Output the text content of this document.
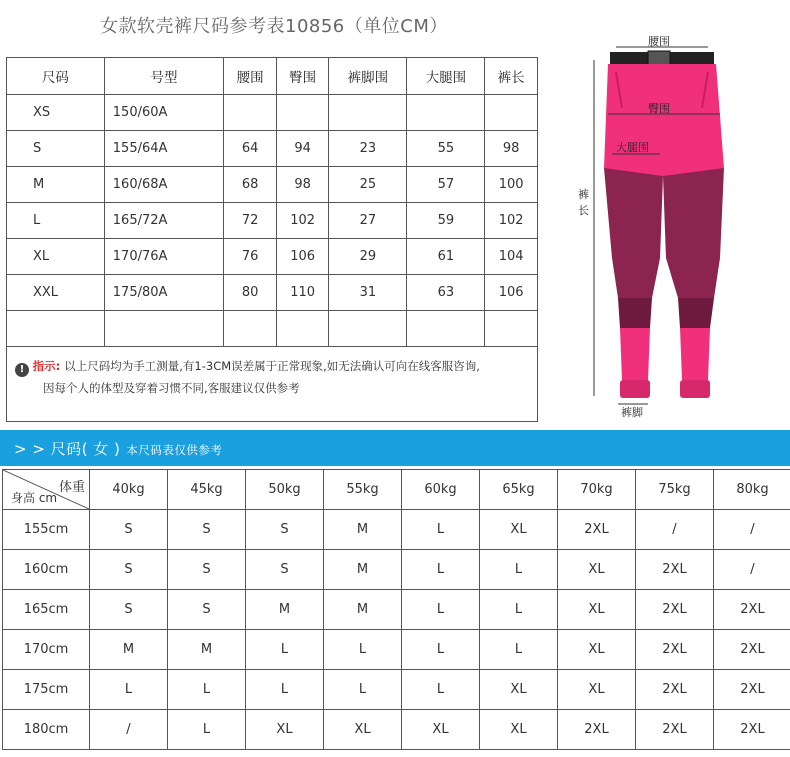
女款软壳裤尺码参考表10856（单位CM）
尺码	号型	腰围	臀围	裤脚围	大腿围	裤长
XS	150/60A					
S	155/64A	64	94	23	55	98
M	160/68A	68	98	25	57	100
L	165/72A	72	102	27	59	102
XL	170/76A	76	106	29	61	104
XXL	175/80A	80	110	31	63	106

! 指示: 以上尺码均为手工测量,有1-3CM误差属于正常现象,如无法确认可向在线客服咨询,
因每个人的体型及穿着习惯不同,客服建议仅供参考						
腰围
臀围
大腿围
裤
长
裤脚
> > 尺码( 女 ) 本尺码表仅供参考
体重
身高 cm	40kg	45kg	50kg	55kg	60kg	65kg	70kg	75kg	80kg
155cm	S	S	S	M	L	XL	2XL	/	/
160cm	S	S	S	M	L	L	XL	2XL	/
165cm	S	S	M	M	L	L	XL	2XL	2XL
170cm	M	M	L	L	L	L	XL	2XL	2XL
175cm	L	L	L	L	L	XL	XL	2XL	2XL
180cm	/	L	XL	XL	XL	XL	2XL	2XL	2XL
